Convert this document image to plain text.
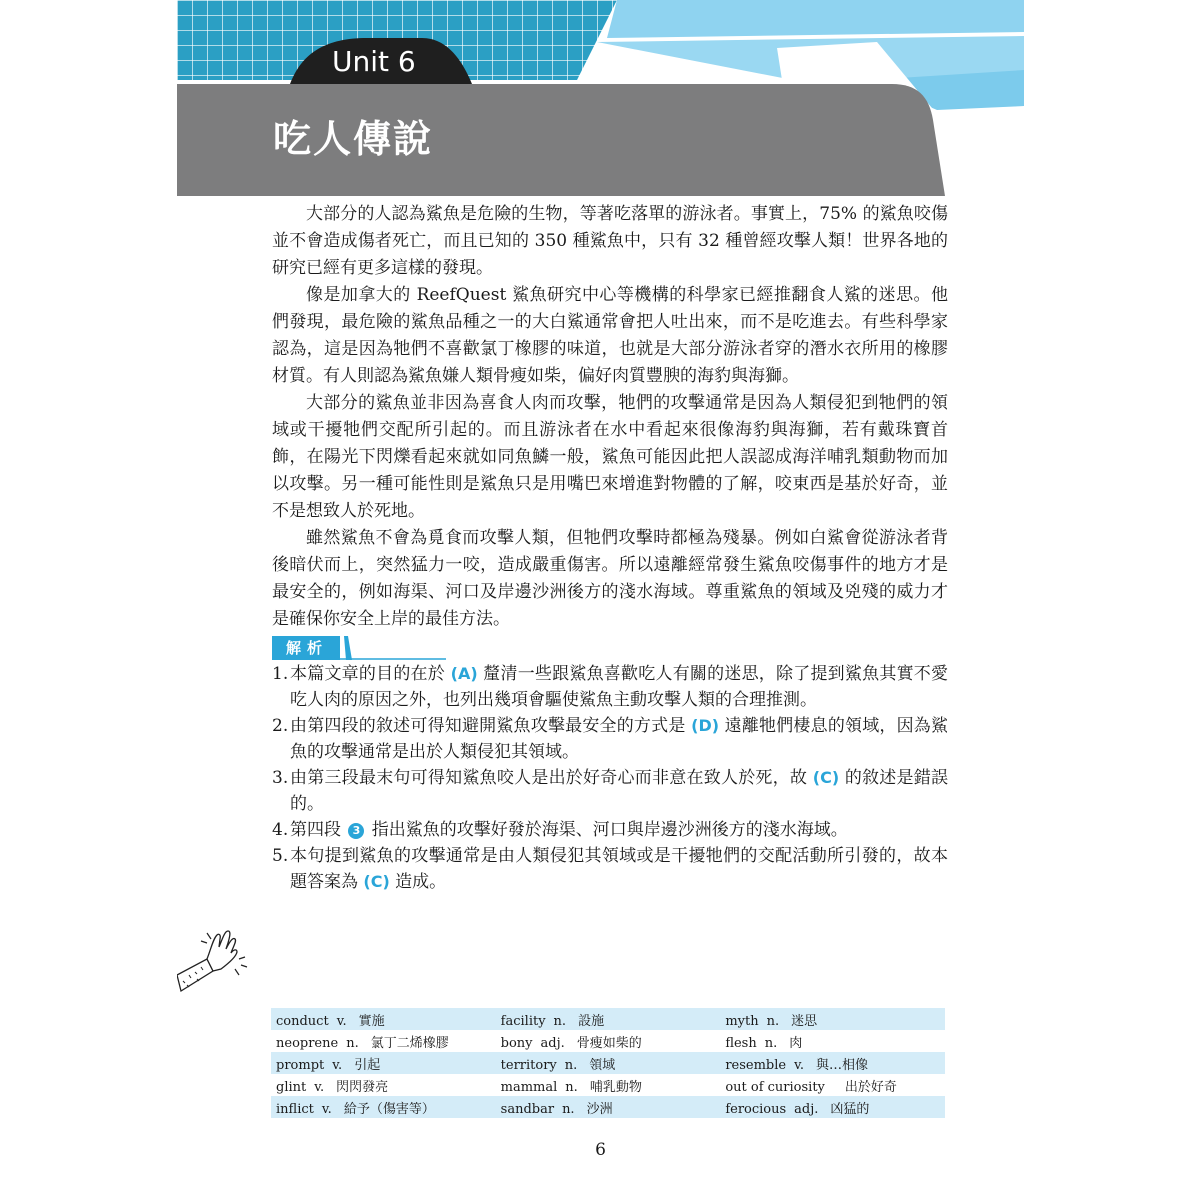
Unit 6
吃人傳說

大部分的人認為鯊魚是危險的生物，等著吃落單的游泳者。事實上，75% 的鯊魚咬傷並不會造成傷者死亡，而且已知的 350 種鯊魚中，只有 32 種曾經攻擊人類！世界各地的研究已經有更多這樣的發現。

像是加拿大的 ReefQuest 鯊魚研究中心等機構的科學家已經推翻食人鯊的迷思。他們發現，最危險的鯊魚品種之一的大白鯊通常會把人吐出來，而不是吃進去。有些科學家認為，這是因為牠們不喜歡氯丁橡膠的味道，也就是大部分游泳者穿的潛水衣所用的橡膠材質。有人則認為鯊魚嫌人類骨瘦如柴，偏好肉質豐腴的海豹與海獅。

大部分的鯊魚並非因為喜食人肉而攻擊，牠們的攻擊通常是因為人類侵犯到牠們的領域或干擾牠們交配所引起的。而且游泳者在水中看起來很像海豹與海獅，若有戴珠寶首飾，在陽光下閃爍看起來就如同魚鱗一般，鯊魚可能因此把人誤認成海洋哺乳類動物而加以攻擊。另一種可能性則是鯊魚只是用嘴巴來增進對物體的了解，咬東西是基於好奇，並不是想致人於死地。

雖然鯊魚不會為覓食而攻擊人類，但牠們攻擊時都極為殘暴。例如白鯊會從游泳者背後暗伏而上，突然猛力一咬，造成嚴重傷害。所以遠離經常發生鯊魚咬傷事件的地方才是最安全的，例如海渠、河口及岸邊沙洲後方的淺水海域。尊重鯊魚的領域及兇殘的威力才是確保你安全上岸的最佳方法。

解析
1. 本篇文章的目的在於 (A) 釐清一些跟鯊魚喜歡吃人有關的迷思，除了提到鯊魚其實不愛吃人肉的原因之外，也列出幾項會驅使鯊魚主動攻擊人類的合理推測。
2. 由第四段的敘述可得知避開鯊魚攻擊最安全的方式是 (D) 遠離牠們棲息的領域，因為鯊魚的攻擊通常是出於人類侵犯其領域。
3. 由第三段最末句可得知鯊魚咬人是出於好奇心而非意在致人於死，故 (C) 的敘述是錯誤的。
4. 第四段 3 指出鯊魚的攻擊好發於海渠、河口與岸邊沙洲後方的淺水海域。
5. 本句提到鯊魚的攻擊通常是由人類侵犯其領域或是干擾牠們的交配活動所引發的，故本題答案為 (C) 造成。
conduct v. 實施	facility n. 設施	myth n. 迷思
neoprene n. 氯丁二烯橡膠	bony adj. 骨瘦如柴的	flesh n. 肉
prompt v. 引起	territory n. 領域	resemble v. 與…相像
glint v. 閃閃發亮	mammal n. 哺乳動物	out of curiosity 出於好奇
inflict v. 給予（傷害等）	sandbar n. 沙洲	ferocious adj. 凶猛的
6
